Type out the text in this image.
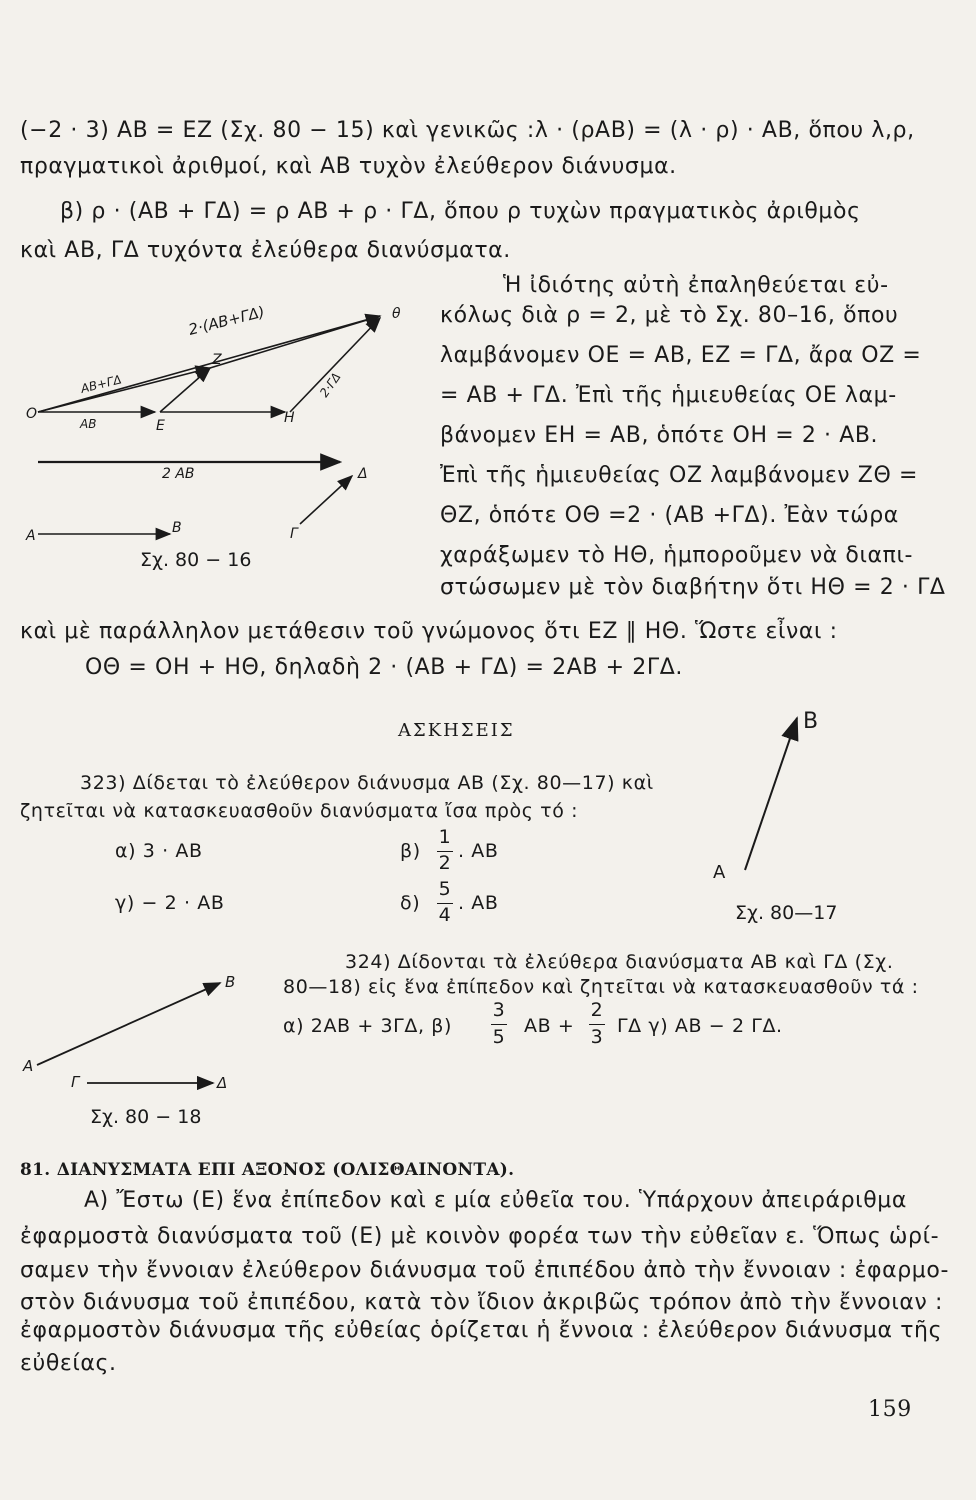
(−2 · 3) AB = EZ (Σχ. 80 − 15) καὶ γενικῶς :λ · (ρAB) = (λ · ρ) · AB, ὅπου λ,ρ,
πραγματικοὶ ἀριθμοί, καὶ AB τυχὸν ἐλεύθερον διάνυσμα.
β) ρ · (AB + ΓΔ) = ρ AB + ρ · ΓΔ, ὅπου ρ τυχὼν πραγματικὸς ἀριθμὸς
καὶ AB, ΓΔ τυχόντα ἐλεύθερα διανύσματα.
Ἡ ἰδιότης αὐτὴ ἐπαληθεύεται εὐ-
κόλως διὰ ρ = 2, μὲ τὸ Σχ. 80–16, ὅπου
λαμβάνομεν OE = AB, EZ = ΓΔ, ἄρα OZ =
= AB + ΓΔ. Ἐπὶ τῆς ἡμιευθείας OE λαμ-
βάνομεν EH = AB, ὁπότε OH = 2 · AB.
Ἐπὶ τῆς ἡμιευθείας OZ λαμβάνομεν ZΘ =
ΘZ, ὁπότε OΘ =2 · (AB +ΓΔ). Ἐὰν τώρα
χαράξωμεν τὸ HΘ, ἡμποροῦμεν νὰ διαπι-
στώσωμεν μὲ τὸν διαβήτην ὅτι HΘ = 2 · ΓΔ
O
E	H
Z
θ
A	B	Γ
Δ
2·(AB+ΓΔ)
AB+ΓΔ
AB
2·ΓΔ
2 AB
Σχ. 80 − 16
καὶ μὲ παράλληλον μετάθεσιν τοῦ γνώμονος ὅτι EZ ∥ HΘ. Ὥστε εἶναι :
OΘ = OH + HΘ, δηλαδὴ 2 · (AB + ΓΔ) = 2AB + 2ΓΔ.
ΑΣΚΗΣΕΙΣ
323) Δίδεται τὸ ἐλεύθερον διάνυσμα AB (Σχ. 80—17) καὶ
ζητεῖται νὰ κατασκευασθοῦν διανύσματα ἴσα πρὸς τό :
α) 3 · AB	β)
1
2
. AB
γ) − 2 · AB	δ)
5
4
. AB
A
B
Σχ. 80—17
324) Δίδονται τὰ ἐλεύθερα διανύσματα AB καὶ ΓΔ (Σχ.
80—18) εἰς ἕνα ἐπίπεδον καὶ ζητεῖται νὰ κατασκευασθοῦν τά :
α) 2AB + 3ΓΔ, β)
3
5 AB +
2
3 ΓΔ γ) AB − 2 ΓΔ.
A
B
Γ	Δ
Σχ. 80 − 18
81. ΔΙΑΝΥΣΜΑΤΑ ΕΠΙ ΑΞΟΝΟΣ (ΟΛΙΣΘΑΙΝΟΝΤΑ).
Α) Ἔστω (Ε) ἕνα ἐπίπεδον καὶ ε μία εὐθεῖα του. Ὑπάρχουν ἀπειράριθμα
ἐφαρμοστὰ διανύσματα τοῦ (Ε) μὲ κοινὸν φορέα των τὴν εὐθεῖαν ε. Ὅπως ὡρί-
σαμεν τὴν ἔννοιαν ἐλεύθερον διάνυσμα τοῦ ἐπιπέδου ἀπὸ τὴν ἔννοιαν : ἐφαρμο-
στὸν διάνυσμα τοῦ ἐπιπέδου, κατὰ τὸν ἴδιον ἀκριβῶς τρόπον ἀπὸ τὴν ἔννοιαν :
ἐφαρμοστὸν διάνυσμα τῆς εὐθείας ὁρίζεται ἡ ἔννοια : ἐλεύθερον διάνυσμα τῆς
εὐθείας.
159
